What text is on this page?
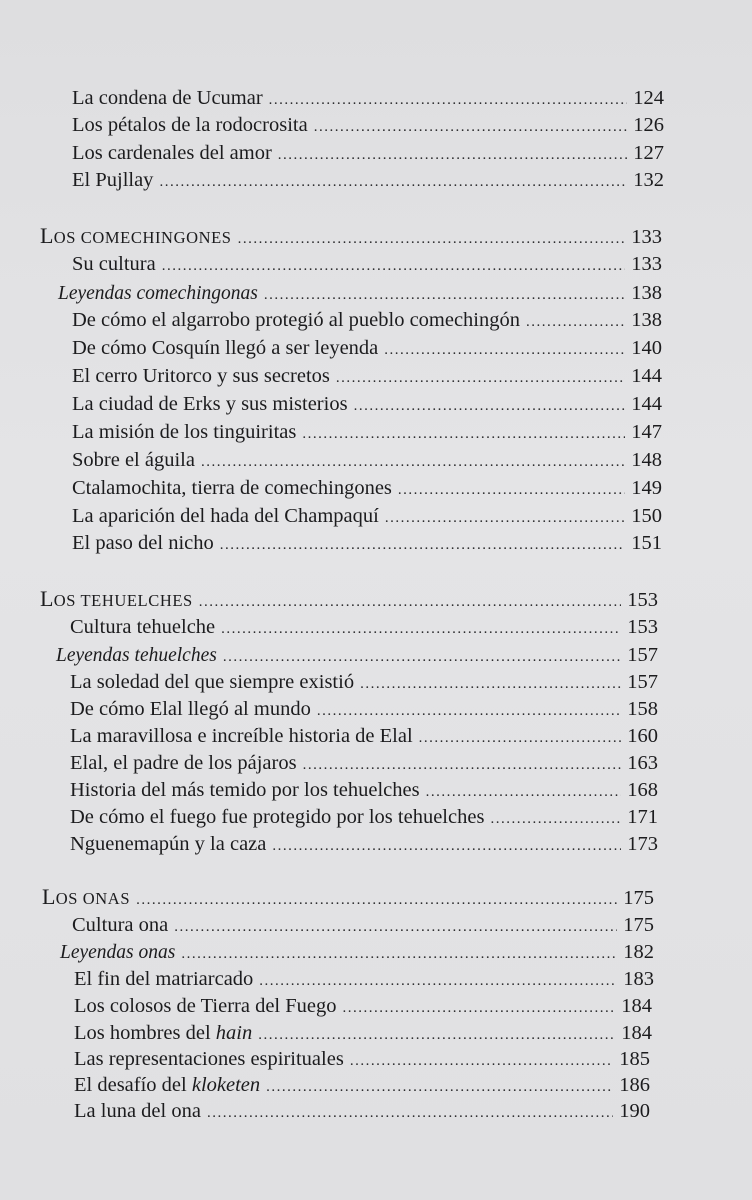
La condena de Ucumar .....	124
Los pétalos de la rodocrosita .....	126
Los cardenales del amor .....	127
El Pujllay .....	132
LOS COMECHINGONES .....	133
Su cultura .....	133
Leyendas comechingonas .....	138
De cómo el algarrobo protegió al pueblo comechingón .....	138
De cómo Cosquín llegó a ser leyenda .....	140
El cerro Uritorco y sus secretos .....	144
La ciudad de Erks y sus misterios .....	144
La misión de los tinguiritas .....	147
Sobre el águila .....	148
Ctalamochita, tierra de comechingones .....	149
La aparición del hada del Champaquí .....	150
El paso del nicho .....	151
LOS TEHUELCHES .....	153
Cultura tehuelche .....	153
Leyendas tehuelches .....	157
La soledad del que siempre existió .....	157
De cómo Elal llegó al mundo .....	158
La maravillosa e increíble historia de Elal .....	160
Elal, el padre de los pájaros .....	163
Historia del más temido por los tehuelches .....	168
De cómo el fuego fue protegido por los tehuelches .....	171
Nguenemapún y la caza .....	173
LOS ONAS .....	175
Cultura ona .....	175
Leyendas onas .....	182
El fin del matriarcado .....	183
Los colosos de Tierra del Fuego .....	184
Los hombres del hain .....	184
Las representaciones espirituales .....	185
El desafío del kloketen .....	186
La luna del ona .....	190
